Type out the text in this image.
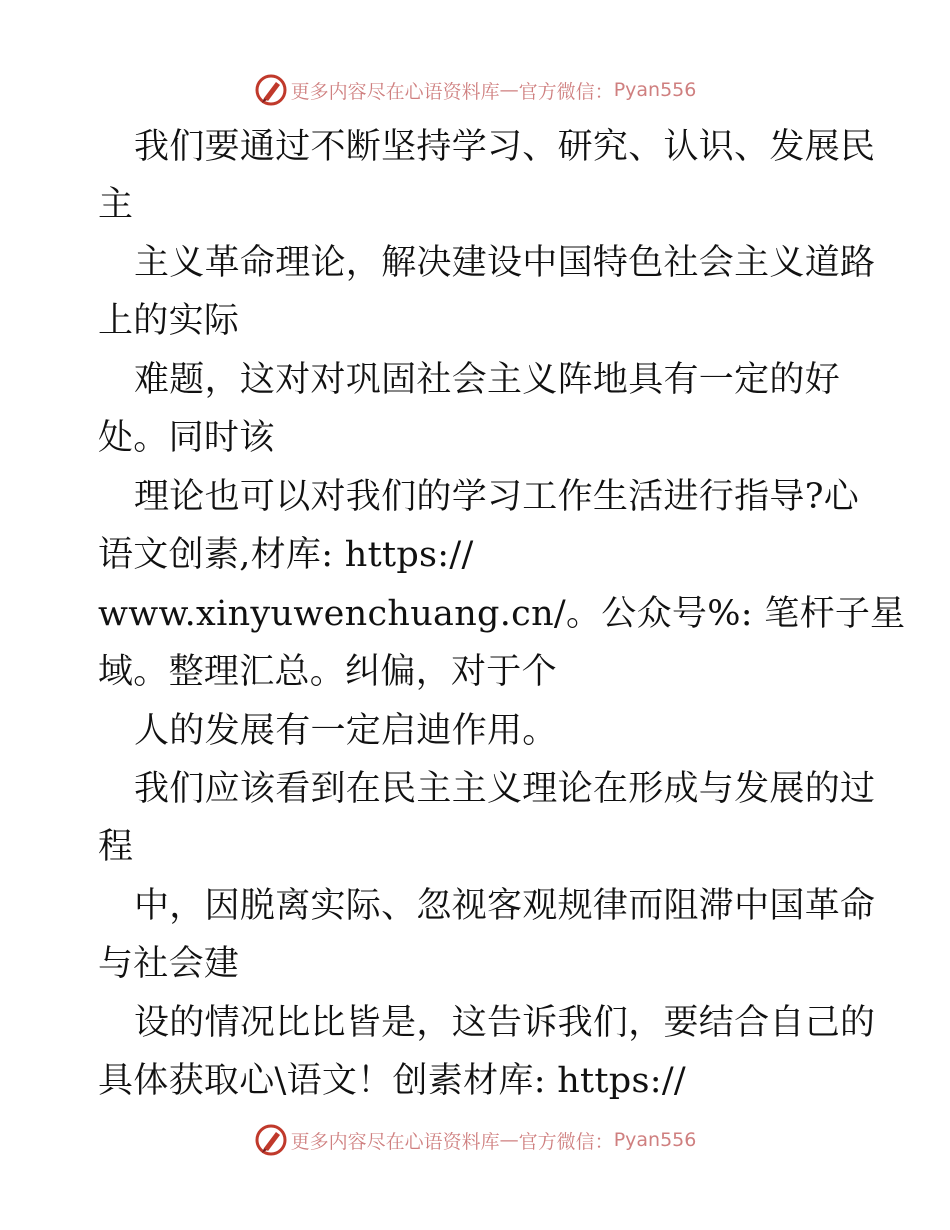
更多内容尽在心语资料库 — 官方微信： Pyan556

我们要通过不断坚持学习、研究、认识、发展民

主

主义革命理论，解决建设中国特色社会主义道路

上的实际

难题，这对对巩固社会主义阵地具有一定的好

处。同时该

理论也可以对我们的学习工作生活进行指导?心

语文创素,材库: https://

www.xinyuwenchuang.cn/。公众号%: 笔杆子星

域。整理汇总。纠偏，对于个

人的发展有一定启迪作用。

我们应该看到在民主主义理论在形成与发展的过

程

中，因脱离实际、忽视客观规律而阻滞中国革命

与社会建

设的情况比比皆是，这告诉我们，要结合自己的

具体获取心\语文！创素材库: https://

更多内容尽在心语资料库 — 官方微信： Pyan556
